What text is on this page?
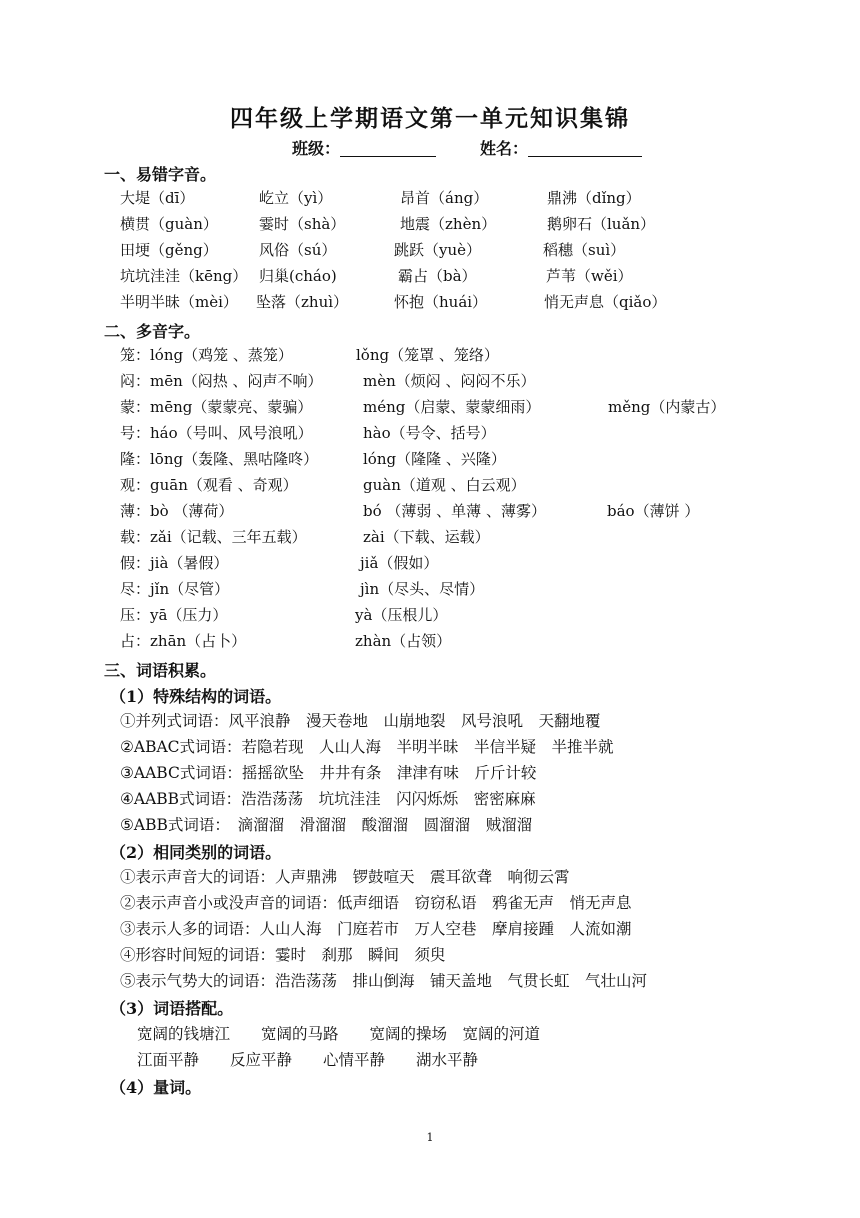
四年级上学期语文第一单元知识集锦
班级：	姓名：
一、易错字音。
大堤（dī）	屹立（yì）	昂首（áng）	鼎沸（dǐng）
横贯（guàn）	霎时（shà）	地震（zhèn）	鹅卵石（luǎn）
田埂（gěng）	风俗（sú）	跳跃（yuè）	稻穗（suì）
坑坑洼洼（kēng） 归巢(cháo)	霸占（bà）	芦苇（wěi）
半明半昧（mèi） 坠落（zhuì）	怀抱（huái）	悄无声息（qiǎo）
二、多音字。
笼：lóng（鸡笼 、蒸笼）	lǒng（笼罩 、笼络）
闷：mēn（闷热 、闷声不响）	mèn（烦闷 、闷闷不乐）
蒙：mēng（蒙蒙亮、蒙骗）	méng（启蒙、蒙蒙细雨）	měng（内蒙古）
号：háo（号叫、风号浪吼）	hào（号令、括号）
隆：lōng（轰隆、黑咕隆咚）	lóng（隆隆 、兴隆）
观：guān（观看 、奇观）	guàn（道观 、白云观）
薄：bò （薄荷）	bó （薄弱 、单薄 、薄雾）	báo（薄饼 ）
载：zǎi（记载、三年五载）	zài（下载、运载）
假：jià（暑假）	jiǎ（假如）
尽：jǐn（尽管）	jìn（尽头、尽情）
压：yā（压力）	yà（压根儿）
占：zhān（占卜）	zhàn（占领）
三、词语积累。
（1）特殊结构的词语。
①并列式词语：风平浪静　漫天卷地　山崩地裂　风号浪吼　天翻地覆
②ABAC式词语：若隐若现　人山人海　半明半昧　半信半疑　半推半就
③AABC式词语：摇摇欲坠　井井有条　津津有味　斤斤计较
④AABB式词语：浩浩荡荡　坑坑洼洼　闪闪烁烁　密密麻麻
⑤ABB式词语：　滴溜溜　滑溜溜　酸溜溜　圆溜溜　贼溜溜
（2）相同类别的词语。
①表示声音大的词语：人声鼎沸　锣鼓喧天　震耳欲聋　响彻云霄
②表示声音小或没声音的词语：低声细语　窃窃私语　鸦雀无声　悄无声息
③表示人多的词语：人山人海　门庭若市　万人空巷　摩肩接踵　人流如潮
④形容时间短的词语：霎时　刹那　瞬间　须臾
⑤表示气势大的词语：浩浩荡荡　排山倒海　铺天盖地　气贯长虹　气壮山河
（3）词语搭配。
宽阔的钱塘江　　宽阔的马路　　宽阔的操场　宽阔的河道
江面平静　　反应平静　　心情平静　　湖水平静
（4）量词。
1
